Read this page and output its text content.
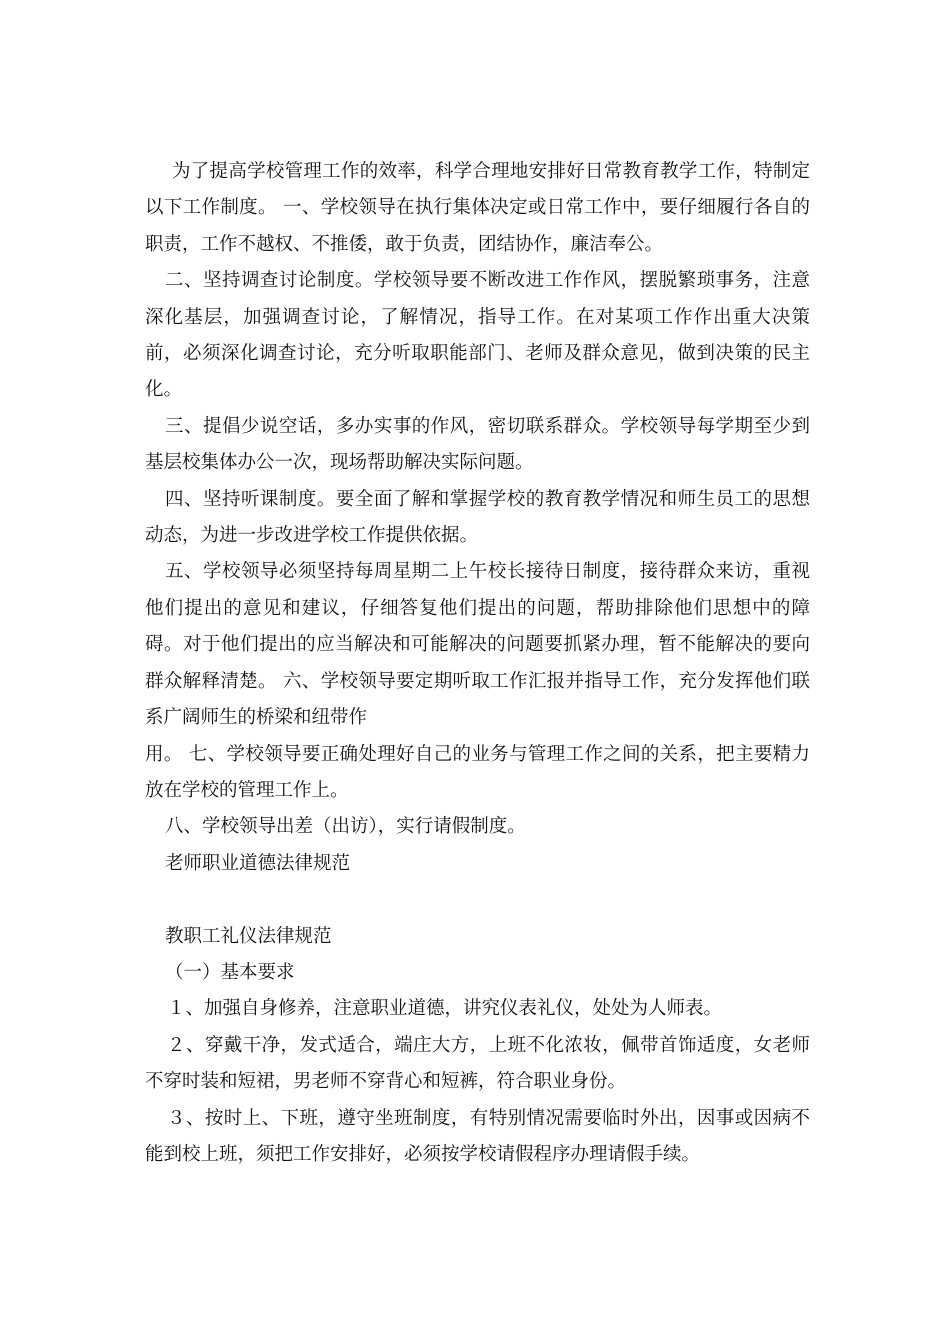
为了提高学校管理工作的效率，科学合理地安排好日常教育教学工作，特制定以下工作制度。 一、学校领导在执行集体决定或日常工作中，要仔细履行各自的职责，工作不越权、不推倭，敢于负责，团结协作，廉洁奉公。

二、坚持调查讨论制度。学校领导要不断改进工作作风，摆脱繁琐事务，注意深化基层，加强调查讨论，了解情况，指导工作。在对某项工作作出重大决策前，必须深化调查讨论，充分听取职能部门、老师及群众意见，做到决策的民主化。

三、提倡少说空话，多办实事的作风，密切联系群众。学校领导每学期至少到基层校集体办公一次，现场帮助解决实际问题。

四、坚持听课制度。要全面了解和掌握学校的教育教学情况和师生员工的思想动态，为进一步改进学校工作提供依据。

五、学校领导必须坚持每周星期二上午校长接待日制度，接待群众来访，重视他们提出的意见和建议，仔细答复他们提出的问题，帮助排除他们思想中的障碍。对于他们提出的应当解决和可能解决的问题要抓紧办理，暂不能解决的要向群众解释清楚。 六、学校领导要定期听取工作汇报并指导工作，充分发挥他们联系广阔师生的桥梁和纽带作

用。 七、学校领导要正确处理好自己的业务与管理工作之间的关系，把主要精力放在学校的管理工作上。

八、学校领导出差（出访），实行请假制度。

老师职业道德法律规范

教职工礼仪法律规范

（一）基本要求

１、加强自身修养，注意职业道德，讲究仪表礼仪，处处为人师表。

２、穿戴干净，发式适合，端庄大方，上班不化浓妆，佩带首饰适度，女老师不穿时装和短裙，男老师不穿背心和短裤，符合职业身份。

３、按时上、下班，遵守坐班制度，有特别情况需要临时外出，因事或因病不能到校上班，须把工作安排好，必须按学校请假程序办理请假手续。
